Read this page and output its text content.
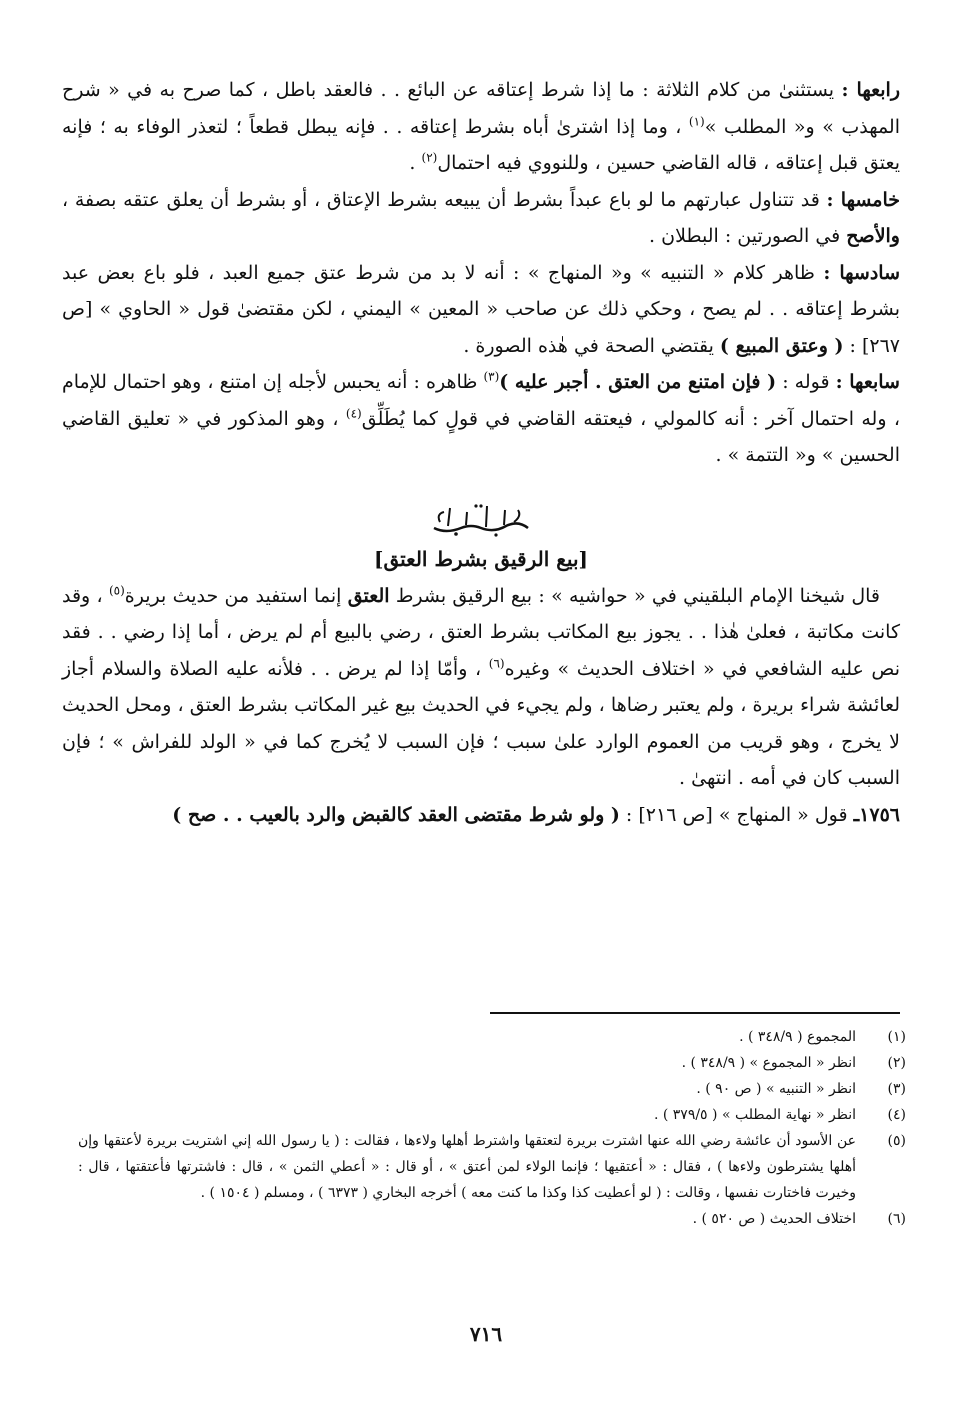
رابعها : يستثنىٰ من كلام الثلاثة : ما إذا شرط إعتاقه عن البائع . . فالعقد باطل ، كما صرح به في « شرح المهذب » و« المطلب »$^{(١)}$ ، وما إذا اشترىٰ أباه بشرط إعتاقه . . فإنه يبطل قطعاً ؛ لتعذر الوفاء به ؛ فإنه يعتق قبل إعتاقه ، قاله القاضي حسين ، وللنووي فيه احتمال$^{(٢)}$ .

خامسها : قد تتناول عبارتهم ما لو باع عبداً بشرط أن يبيعه بشرط الإعتاق ، أو بشرط أن يعلق عتقه بصفة ، والأصح في الصورتين : البطلان .

سادسها : ظاهر كلام « التنبيه » و« المنهاج » : أنه لا بد من شرط عتق جميع العبد ، فلو باع بعض عبد بشرط إعتاقه . . لم يصح ، وحكي ذلك عن صاحب « المعين » اليمني ، لكن مقتضىٰ قول « الحاوي » [ص ٢٦٧] : ( وعتق المبيع ) يقتضي الصحة في هٰذه الصورة .

سابعها : قوله : ( فإن امتنع من العتق . أجبر عليه )$^{(٣)}$ ظاهره : أنه يحبس لأجله إن امتنع ، وهو احتمال للإمام ، وله احتمال آخر : أنه كالمولي ، فيعتقه القاضي في قولٍ كما يُطَلِّق$^{(٤)}$ ، وهو المذكور في « تعليق القاضي الحسين » و« التتمة » .

[بيع الرقيق بشرط العتق]

قال شيخنا الإمام البلقيني في « حواشيه » : بيع الرقيق بشرط العتق إنما استفيد من حديث بريرة$^{(٥)}$ ، وقد كانت مكاتبة ، فعلىٰ هٰذا . . يجوز بيع المكاتب بشرط العتق ، رضي بالبيع أم لم يرض ، أما إذا رضي . . فقد نص عليه الشافعي في « اختلاف الحديث » وغيره$^{(٦)}$ ، وأمّا إذا لم يرض . . فلأنه عليه الصلاة والسلام أجاز لعائشة شراء بريرة ، ولم يعتبر رضاها ، ولم يجيء في الحديث بيع غير المكاتب بشرط العتق ، ومحل الحديث لا يخرج ، وهو قريب من العموم الوارد علىٰ سبب ؛ فإن السبب لا يُخرج كما في « الولد للفراش » ؛ فإن السبب كان في أمه . انتهىٰ .

١٧٥٦ـ قول « المنهاج » [ص ٢١٦] : ( ولو شرط مقتضى العقد كالقبض والرد بالعيب . . صح )

(١)
المجموع ( ٣٤٨/٩ ) .
(٢)
انظر « المجموع » ( ٣٤٨/٩ ) .
(٣)
انظر « التنبيه » ( ص ٩٠ ) .
(٤)
انظر « نهاية المطلب » ( ٣٧٩/٥ ) .
(٥)
عن الأسود أن عائشة رضي الله عنها اشترت بريرة لتعتقها واشترط أهلها ولاءها ، فقالت : ( يا رسول الله إني اشتريت بريرة لأعتقها وإن أهلها يشترطون ولاءها ) ، فقال : « أعتقيها ؛ فإنما الولاء لمن أعتق » ، أو قال : « أعطي الثمن » ، قال : فاشترتها فأعتقتها ، قال : وخيرت فاختارت نفسها ، وقالت : ( لو أعطيت كذا وكذا ما كنت معه ) أخرجه البخاري ( ٦٣٧٣ ) ، ومسلم ( ١٥٠٤ ) .
(٦)
اختلاف الحديث ( ص ٥٢٠ ) .
٧١٦
